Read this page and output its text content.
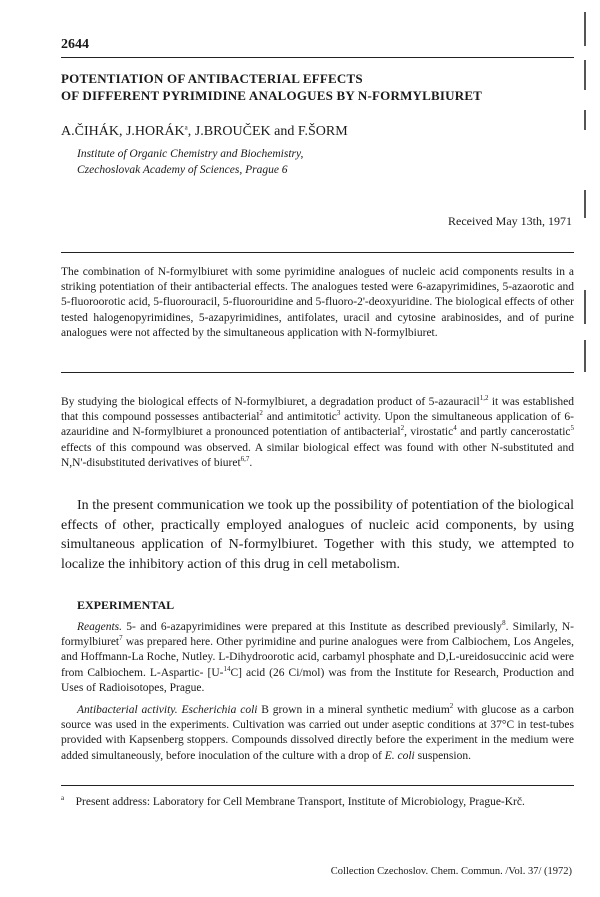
2644
POTENTIATION OF ANTIBACTERIAL EFFECTS
OF DIFFERENT PYRIMIDINE ANALOGUES BY N-FORMYLBIURET
A.ČIHÁK, J.HORÁK$^a$, J.BROUČEK and F.ŠORM
Institute of Organic Chemistry and Biochemistry,
Czechoslovak Academy of Sciences, Prague 6
Received May 13th, 1971
The combination of N-formylbiuret with some pyrimidine analogues of nucleic acid components results in a striking potentiation of their antibacterial effects. The analogues tested were 6-azapyrimidines, 5-azaorotic and 5-fluoroorotic acid, 5-fluorouracil, 5-fluorouridine and 5-fluoro-2'-deoxyuridine. The biological effects of other tested halogenopyrimidines, 5-azapyrimidines, antifolates, uracil and cytosine arabinosides, and of purine analogues were not affected by the simultaneous application with N-formylbiuret.
By studying the biological effects of N-formylbiuret, a degradation product of 5-azauracil$^{1,2}$ it was established that this compound possesses antibacterial$^2$ and antimitotic$^3$ activity. Upon the simultaneous application of 6-azauridine and N-formylbiuret a pronounced potentiation of antibacterial$^2$, virostatic$^4$ and partly cancerostatic$^5$ effects of this compound was observed. A similar biological effect was found with other N-substituted and N,N'-disubstituted derivatives of biuret$^{6,7}$.
In the present communication we took up the possibility of potentiation of the biological effects of other, practically employed analogues of nucleic acid components, by using simultaneous application of N-formylbiuret. Together with this study, we attempted to localize the inhibitory action of this drug in cell metabolism.
EXPERIMENTAL
Reagents. 5- and 6-azapyrimidines were prepared at this Institute as described previously$^8$. Similarly, N-formylbiuret$^7$ was prepared here. Other pyrimidine and purine analogues were from Calbiochem, Los Angeles, and Hoffmann-La Roche, Nutley. L-Dihydroorotic acid, carbamyl phosphate and D,L-ureidosuccinic acid were from Calbiochem. L-Aspartic- [U-$^{14}$C] acid (26 Ci/mol) was from the Institute for Research, Production and Uses of Radioisotopes, Prague.
Antibacterial activity. Escherichia coli B grown in a mineral synthetic medium$^2$ with glucose as a carbon source was used in the experiments. Cultivation was carried out under aseptic conditions at 37°C in test-tubes provided with Kapsenberg stoppers. Compounds dissolved directly before the experiment in the medium were added simultaneously, before inoculation of the culture with a drop of E. coli suspension.
$^a$ Present address: Laboratory for Cell Membrane Transport, Institute of Microbiology, Prague-Krč.
Collection Czechoslov. Chem. Commun. /Vol. 37/ (1972)
